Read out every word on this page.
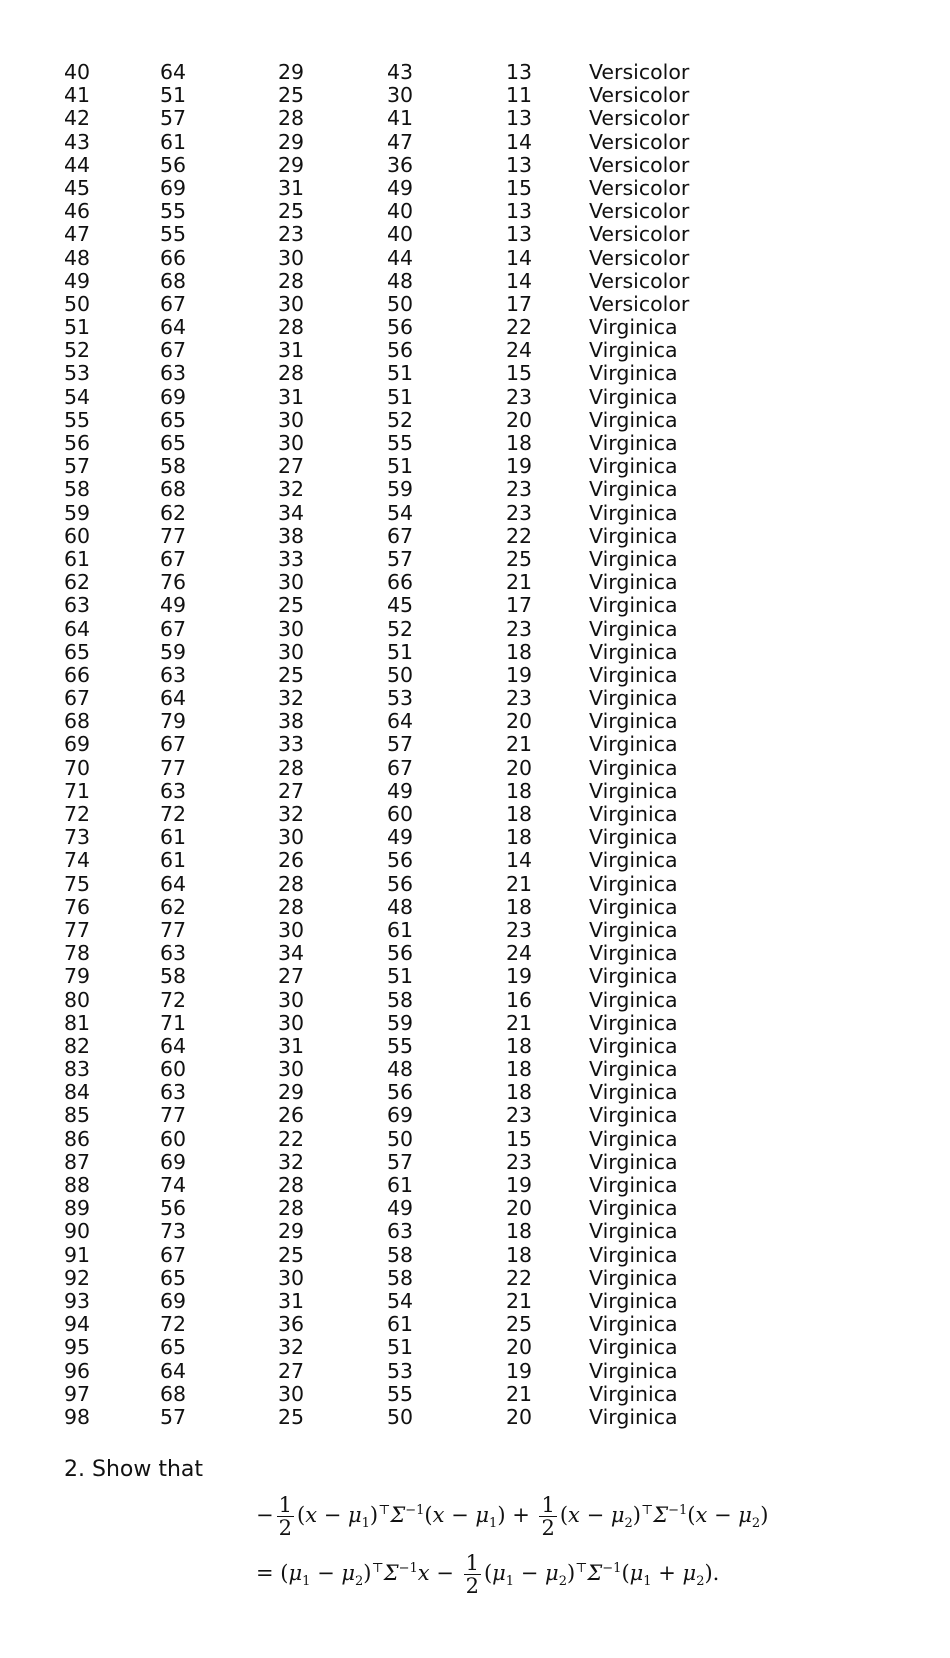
40	64	29	43	13	Versicolor
41	51	25	30	11	Versicolor
42	57	28	41	13	Versicolor
43	61	29	47	14	Versicolor
44	56	29	36	13	Versicolor
45	69	31	49	15	Versicolor
46	55	25	40	13	Versicolor
47	55	23	40	13	Versicolor
48	66	30	44	14	Versicolor
49	68	28	48	14	Versicolor
50	67	30	50	17	Versicolor
51	64	28	56	22	Virginica
52	67	31	56	24	Virginica
53	63	28	51	15	Virginica
54	69	31	51	23	Virginica
55	65	30	52	20	Virginica
56	65	30	55	18	Virginica
57	58	27	51	19	Virginica
58	68	32	59	23	Virginica
59	62	34	54	23	Virginica
60	77	38	67	22	Virginica
61	67	33	57	25	Virginica
62	76	30	66	21	Virginica
63	49	25	45	17	Virginica
64	67	30	52	23	Virginica
65	59	30	51	18	Virginica
66	63	25	50	19	Virginica
67	64	32	53	23	Virginica
68	79	38	64	20	Virginica
69	67	33	57	21	Virginica
70	77	28	67	20	Virginica
71	63	27	49	18	Virginica
72	72	32	60	18	Virginica
73	61	30	49	18	Virginica
74	61	26	56	14	Virginica
75	64	28	56	21	Virginica
76	62	28	48	18	Virginica
77	77	30	61	23	Virginica
78	63	34	56	24	Virginica
79	58	27	51	19	Virginica
80	72	30	58	16	Virginica
81	71	30	59	21	Virginica
82	64	31	55	18	Virginica
83	60	30	48	18	Virginica
84	63	29	56	18	Virginica
85	77	26	69	23	Virginica
86	60	22	50	15	Virginica
87	69	32	57	23	Virginica
88	74	28	61	19	Virginica
89	56	28	49	20	Virginica
90	73	29	63	18	Virginica
91	67	25	58	18	Virginica
92	65	30	58	22	Virginica
93	69	31	54	21	Virginica
94	72	36	61	25	Virginica
95	65	32	51	20	Virginica
96	64	27	53	19	Virginica
97	68	30	55	21	Virginica
98	57	25	50	20	Virginica
2. Show that
− $\frac{1}{2} (x - \mu_1)^⊤\Sigma^{-1}(x - \mu_1) + \frac{1}{2} (x - \mu_2)^⊤\Sigma^{-1}(x - \mu_2)$
= $(\mu_1 - \mu_2)^⊤\Sigma^{-1}x - \frac{1}{2} (\mu_1 - \mu_2)^⊤\Sigma^{-1}(\mu_1 + \mu_2)$.
